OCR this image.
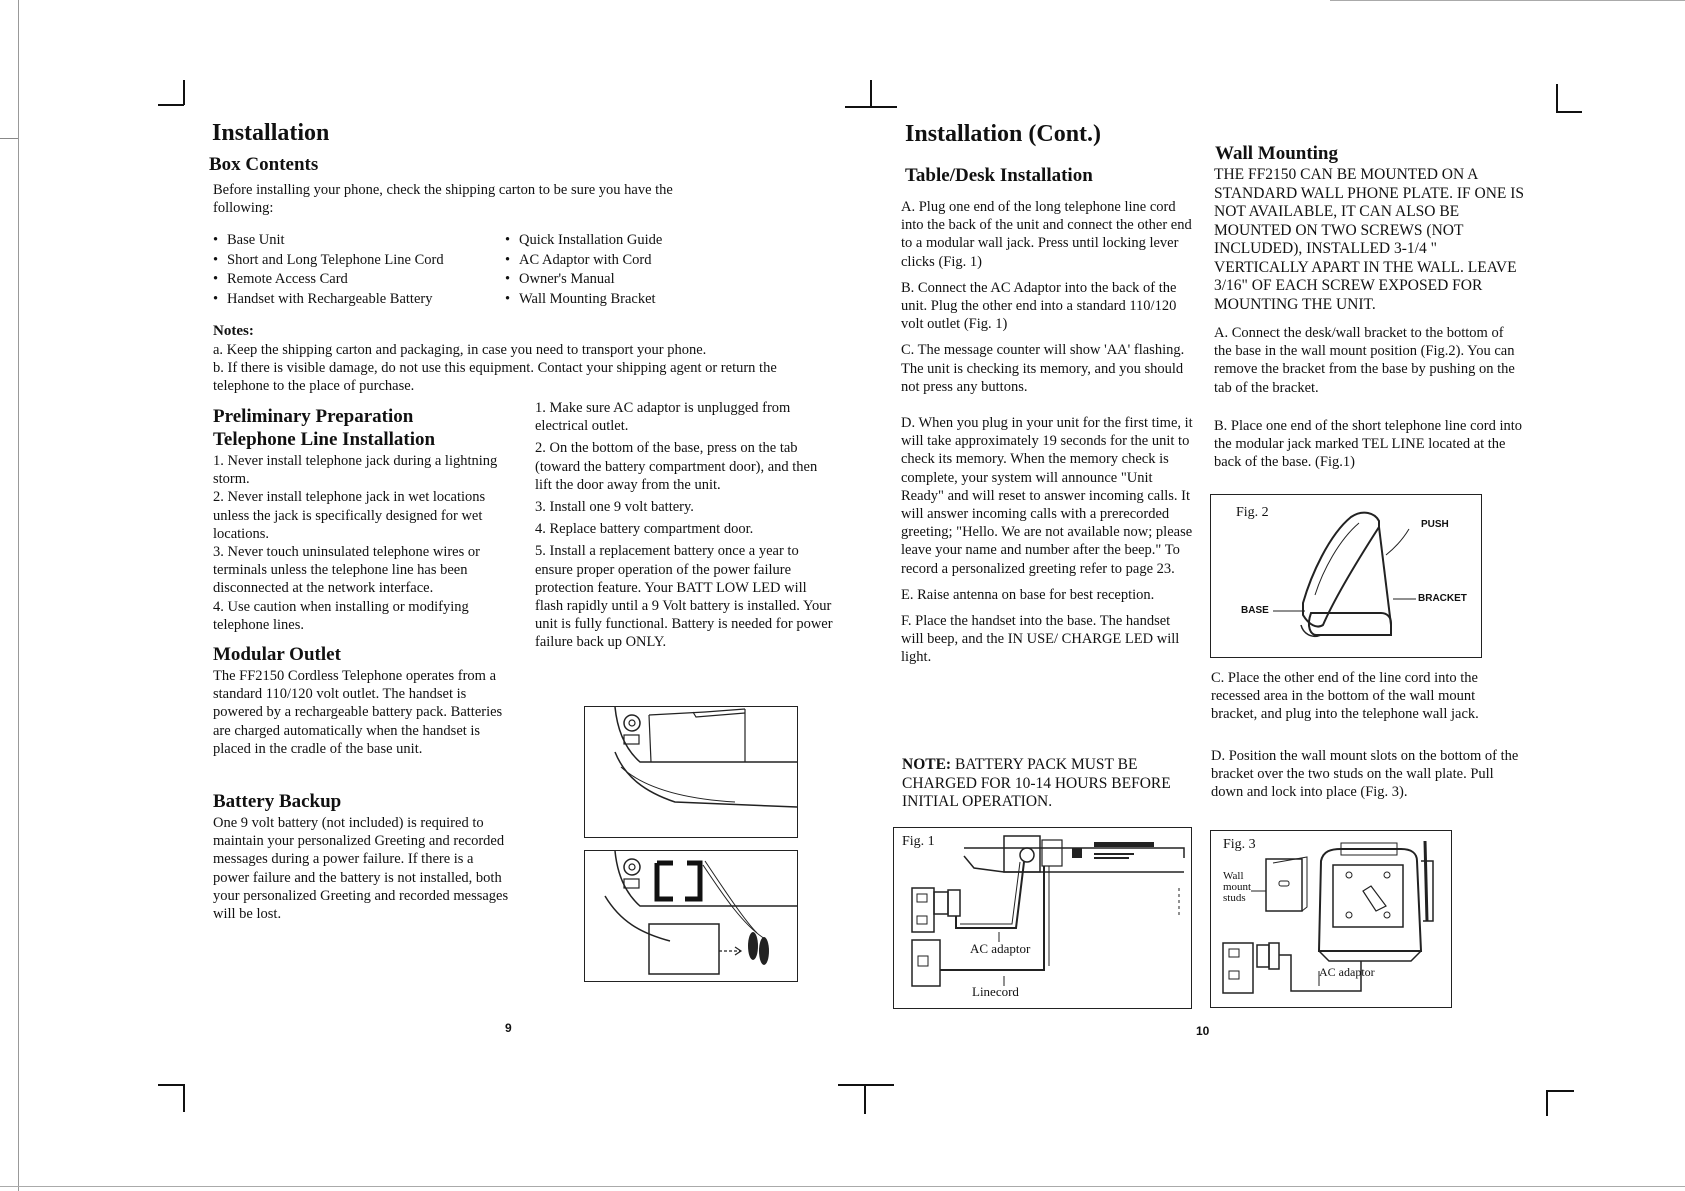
Installation
Box Contents
Before installing your phone, check the shipping carton to be sure you have the following:
• Base Unit
• Short and Long Telephone Line Cord
• Remote Access Card
• Handset with Rechargeable Battery
• Quick Installation Guide
• AC Adaptor with Cord
• Owner's Manual
• Wall Mounting Bracket
Notes:
a. Keep the shipping carton and packaging, in case you need to transport your phone.
b. If there is visible damage, do not use this equipment. Contact your shipping agent or return the telephone to the place of purchase.
Preliminary Preparation
Telephone Line Installation
1. Never install telephone jack during a lightning storm.
2. Never install telephone jack in wet locations unless the jack is specifically designed for wet locations.
3. Never touch uninsulated telephone wires or terminals unless the telephone line has been disconnected at the network interface.
4. Use caution when installing or modifying telephone lines.
Modular Outlet
The FF2150 Cordless Telephone operates from a standard 110/120 volt outlet. The handset is powered by a rechargeable battery pack. Batteries are charged automatically when the handset is placed in the cradle of the base unit.
Battery Backup
One 9 volt battery (not included) is required to maintain your personalized Greeting and recorded messages during a power failure. If there is a power failure and the battery is not installed, both your personalized Greeting and recorded messages will be lost.
1. Make sure AC adaptor is unplugged from electrical outlet.
2. On the bottom of the base, press on the tab (toward the battery compartment door), and then lift the door away from the unit.
3. Install one 9 volt battery.
4. Replace battery compartment door.
5. Install a replacement battery once a year to ensure proper operation of the power failure protection feature. Your BATT LOW LED will flash rapidly until a 9 Volt battery is installed. Your unit is fully functional. Battery is needed for power failure back up ONLY.
9
Installation (Cont.)
Table/Desk Installation
A. Plug one end of the long telephone line cord into the back of the unit and connect the other end to a modular wall jack. Press until locking lever clicks (Fig. 1)
B. Connect the AC Adaptor into the back of the unit. Plug the other end into a standard 110/120 volt outlet (Fig. 1)
C. The message counter will show 'AA' flashing. The unit is checking its memory, and you should not press any buttons.
D. When you plug in your unit for the first time, it will take approximately 19 seconds for the unit to check its memory. When the memory check is complete, your system will announce "Unit Ready" and will reset to answer incoming calls. It will answer incoming calls with a prerecorded greeting; "Hello. We are not available now; please leave your name and number after the beep." To record a personalized greeting refer to page 23.
E. Raise antenna on base for best reception.
F. Place the handset into the base. The handset will beep, and the IN USE/ CHARGE LED will light.
NOTE: BATTERY PACK MUST BE CHARGED FOR 10-14 HOURS BEFORE INITIAL OPERATION.
Fig. 1
AC adaptor
Linecord
Wall Mounting
THE FF2150 CAN BE MOUNTED ON A STANDARD WALL PHONE PLATE. IF ONE IS NOT AVAILABLE, IT CAN ALSO BE MOUNTED ON TWO SCREWS (NOT INCLUDED), INSTALLED 3-1/4 " VERTICALLY APART IN THE WALL. LEAVE 3/16" OF EACH SCREW EXPOSED FOR MOUNTING THE UNIT.
A. Connect the desk/wall bracket to the bottom of the base in the wall mount position (Fig.2). You can remove the bracket from the base by pushing on the tab of the bracket.
B. Place one end of the short telephone line cord into the modular jack marked TEL LINE located at the back of the base. (Fig.1)
Fig. 2
PUSH
BASE
BRACKET
C. Place the other end of the line cord into the recessed area in the bottom of the wall mount bracket, and plug into the telephone wall jack.
D. Position the wall mount slots on the bottom of the bracket over the two studs on the wall plate. Pull down and lock into place (Fig. 3).
Fig. 3
Wall mount studs
AC adaptor
10
